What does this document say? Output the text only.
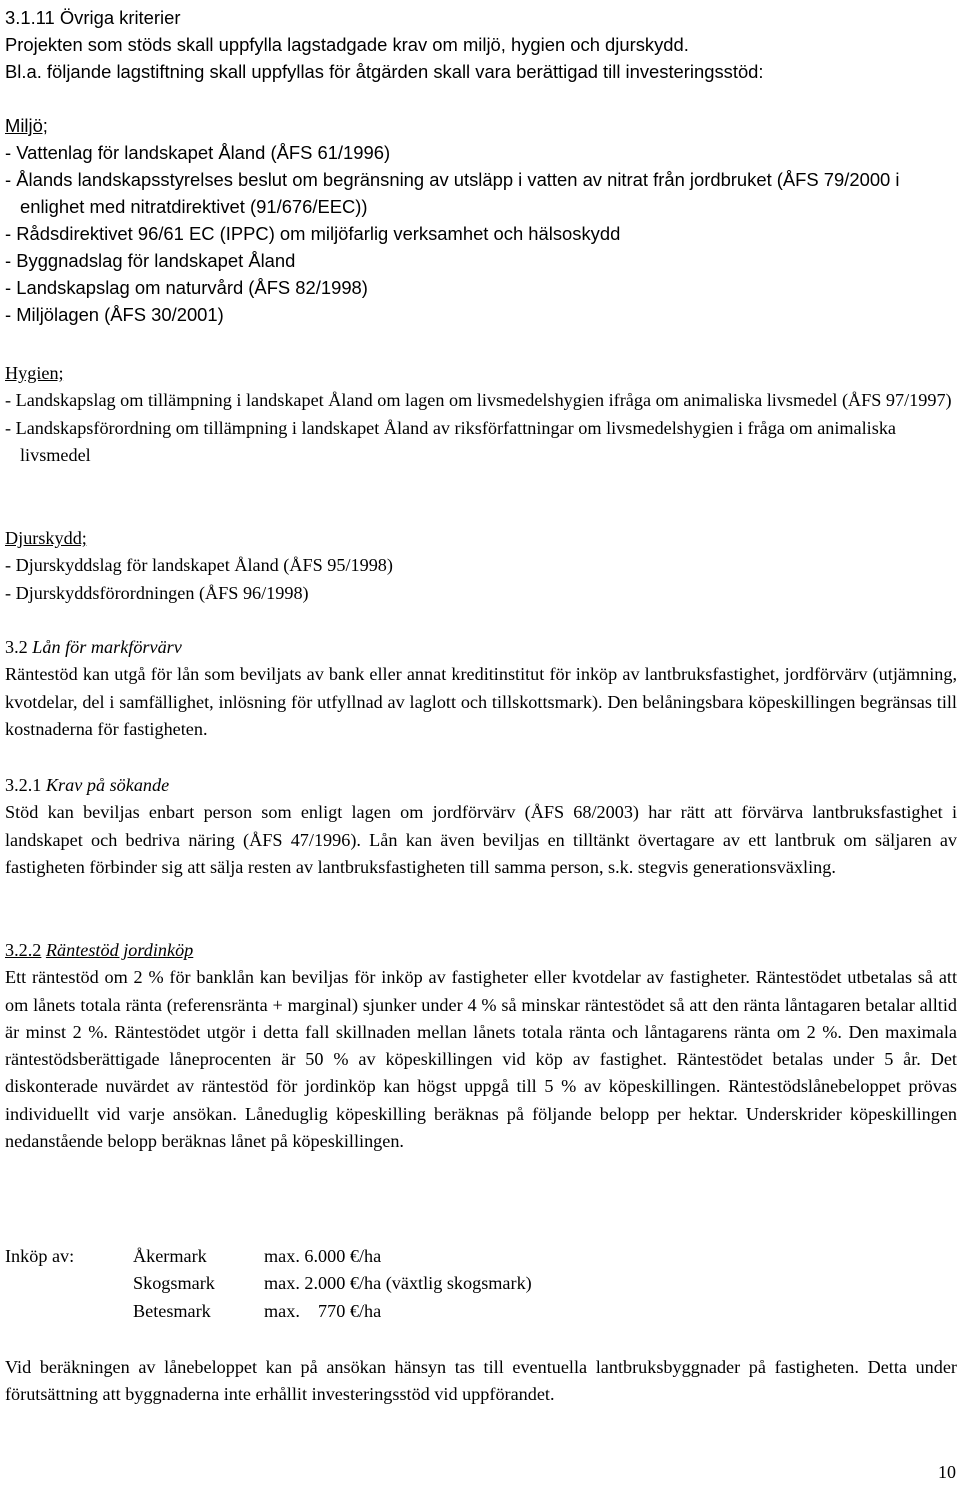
3.1.11 Övriga kriterier
Projekten som stöds skall uppfylla lagstadgade krav om miljö, hygien och djurskydd.
Bl.a. följande lagstiftning skall uppfyllas för åtgärden skall vara berättigad till investeringsstöd:
Miljö;
- Vattenlag för landskapet Åland (ÅFS 61/1996)
- Ålands landskapsstyrelses beslut om begränsning av utsläpp i vatten av nitrat från jordbruket (ÅFS 79/2000 i enlighet med nitratdirektivet (91/676/EEC))
- Rådsdirektivet 96/61 EC (IPPC) om miljöfarlig verksamhet och hälsoskydd
- Byggnadslag för landskapet Åland
- Landskapslag om naturvård (ÅFS 82/1998)
- Miljölagen (ÅFS 30/2001)
Hygien;
- Landskapslag om tillämpning i landskapet Åland om lagen om livsmedelshygien ifråga om animaliska livsmedel (ÅFS 97/1997)
- Landskapsförordning om tillämpning i landskapet Åland av riksförfattningar om livsmedelshygien i fråga om animaliska livsmedel
Djurskydd;
- Djurskyddslag för landskapet Åland (ÅFS 95/1998)
- Djurskyddsförordningen (ÅFS 96/1998)
3.2 Lån för markförvärv
Räntestöd kan utgå för lån som beviljats av bank eller annat kreditinstitut för inköp av lantbruksfastighet, jordförvärv (utjämning, kvotdelar, del i samfällighet, inlösning för utfyllnad av laglott och tillskottsmark). Den belåningsbara köpeskillingen begränsas till kostnaderna för fastigheten.
3.2.1 Krav på sökande
Stöd kan beviljas enbart person som enligt lagen om jordförvärv (ÅFS 68/2003) har rätt att förvärva lantbruksfastighet i landskapet och bedriva näring (ÅFS 47/1996). Lån kan även beviljas en tilltänkt övertagare av ett lantbruk om säljaren av fastigheten förbinder sig att sälja resten av lantbruksfastigheten till samma person, s.k. stegvis generationsväxling.
3.2.2 Räntestöd jordinköp
Ett räntestöd om 2 % för banklån kan beviljas för inköp av fastigheter eller kvotdelar av fastigheter. Räntestödet utbetalas så att om lånets totala ränta (referensränta + marginal) sjunker under 4 % så minskar räntestödet så att den ränta låntagaren betalar alltid är minst 2 %. Räntestödet utgör i detta fall skillnaden mellan lånets totala ränta och låntagarens ränta om 2 %. Den maximala räntestödsberättigade låneprocenten är 50 % av köpeskillingen vid köp av fastighet. Räntestödet betalas under 5 år. Det diskonterade nuvärdet av räntestöd för jordinköp kan högst uppgå till 5 % av köpeskillingen. Räntestödslånebeloppet prövas individuellt vid varje ansökan. Låneduglig köpeskilling beräknas på följande belopp per hektar. Underskrider köpeskillingen nedanstående belopp beräknas lånet på köpeskillingen.
Inköp av:	Åkermark	max. 6.000 €/ha
	Skogsmark	max. 2.000 €/ha (växtlig skogsmark)
	Betesmark	max.    770 €/ha
Vid beräkningen av lånebeloppet kan på ansökan hänsyn tas till eventuella lantbruksbyggnader på fastigheten. Detta under förutsättning att byggnaderna inte erhållit investeringsstöd vid uppförandet.
10
